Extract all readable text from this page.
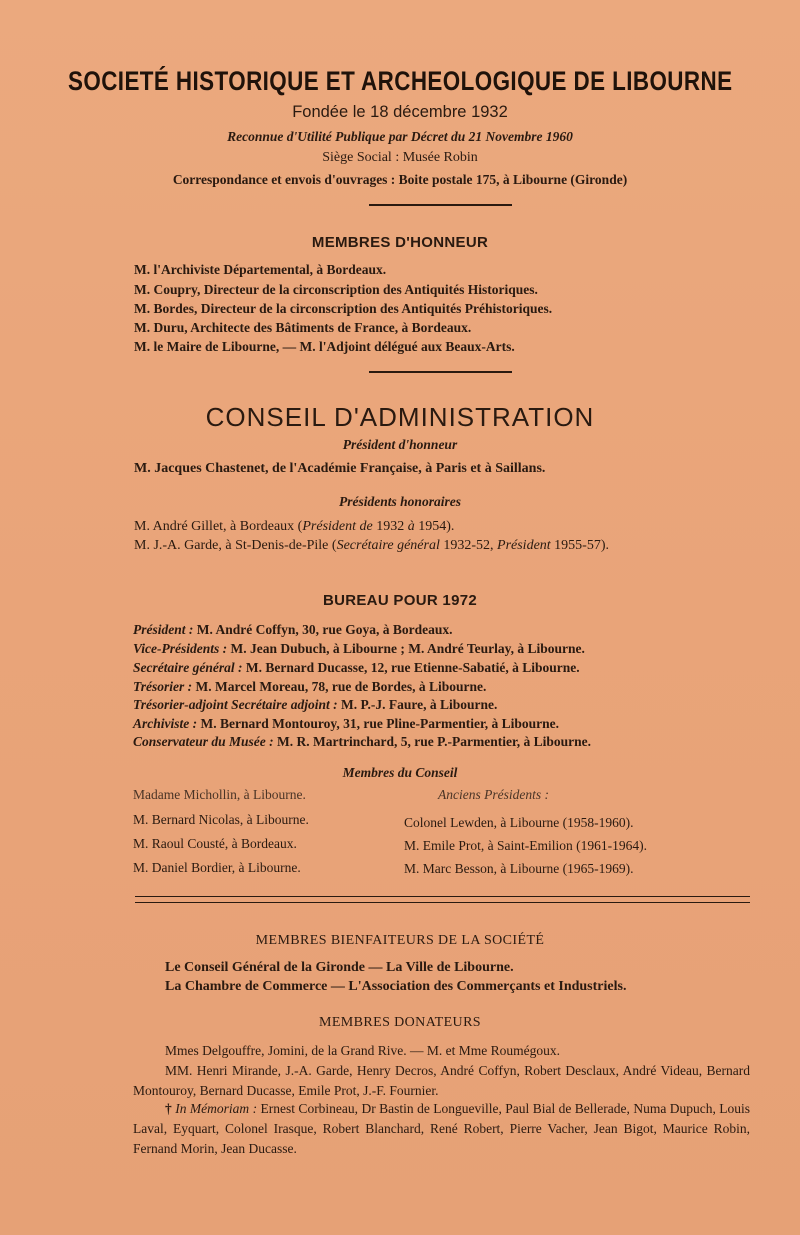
SOCIETÉ HISTORIQUE ET ARCHEOLOGIQUE DE LIBOURNE
Fondée le 18 décembre 1932
Reconnue d'Utilité Publique par Décret du 21 Novembre 1960
Siège Social : Musée Robin
Correspondance et envois d'ouvrages : Boite postale 175, à Libourne (Gironde)
MEMBRES D'HONNEUR
M. l'Archiviste Départemental, à Bordeaux.
M. Coupry, Directeur de la circonscription des Antiquités Historiques.
M. Bordes, Directeur de la circonscription des Antiquités Préhistoriques.
M. Duru, Architecte des Bâtiments de France, à Bordeaux.
M. le Maire de Libourne, — M. l'Adjoint délégué aux Beaux-Arts.
CONSEIL D'ADMINISTRATION
Président d'honneur
M. Jacques Chastenet, de l'Académie Française, à Paris et à Saillans.
Présidents honoraires
M. André Gillet, à Bordeaux (Président de 1932 à 1954).
M. J.-A. Garde, à St-Denis-de-Pile (Secrétaire général 1932-52, Président 1955-57).
BUREAU POUR 1972
Président : M. André Coffyn, 30, rue Goya, à Bordeaux.
Vice-Présidents : M. Jean Dubuch, à Libourne ; M. André Teurlay, à Libourne.
Secrétaire général : M. Bernard Ducasse, 12, rue Etienne-Sabatié, à Libourne.
Trésorier : M. Marcel Moreau, 78, rue de Bordes, à Libourne.
Trésorier-adjoint Secrétaire adjoint : M. P.-J. Faure, à Libourne.
Archiviste : M. Bernard Montouroy, 31, rue Pline-Parmentier, à Libourne.
Conservateur du Musée : M. R. Martrinchard, 5, rue P.-Parmentier, à Libourne.
Membres du Conseil
Madame Michollin, à Libourne.
M. Bernard Nicolas, à Libourne.
M. Raoul Cousté, à Bordeaux.
M. Daniel Bordier, à Libourne.
Anciens Présidents :
Colonel Lewden, à Libourne (1958-1960).
M. Emile Prot, à Saint-Emilion (1961-1964).
M. Marc Besson, à Libourne (1965-1969).
MEMBRES BIENFAITEURS DE LA SOCIÉTÉ
Le Conseil Général de la Gironde — La Ville de Libourne.
La Chambre de Commerce — L'Association des Commerçants et Industriels.
MEMBRES DONATEURS
Mmes Delgouffre, Jomini, de la Grand Rive. — M. et Mme Roumégoux.
MM. Henri Mirande, J.-A. Garde, Henry Decros, André Coffyn, Robert Desclaux, André Videau, Bernard Montouroy, Bernard Ducasse, Emile Prot, J.-F. Fournier.
† In Mémoriam : Ernest Corbineau, Dr Bastin de Longueville, Paul Bial de Bellerade, Numa Dupuch, Louis Laval, Eyquart, Colonel Irasque, Robert Blanchard, René Robert, Pierre Vacher, Jean Bigot, Maurice Robin, Fernand Morin, Jean Ducasse.
